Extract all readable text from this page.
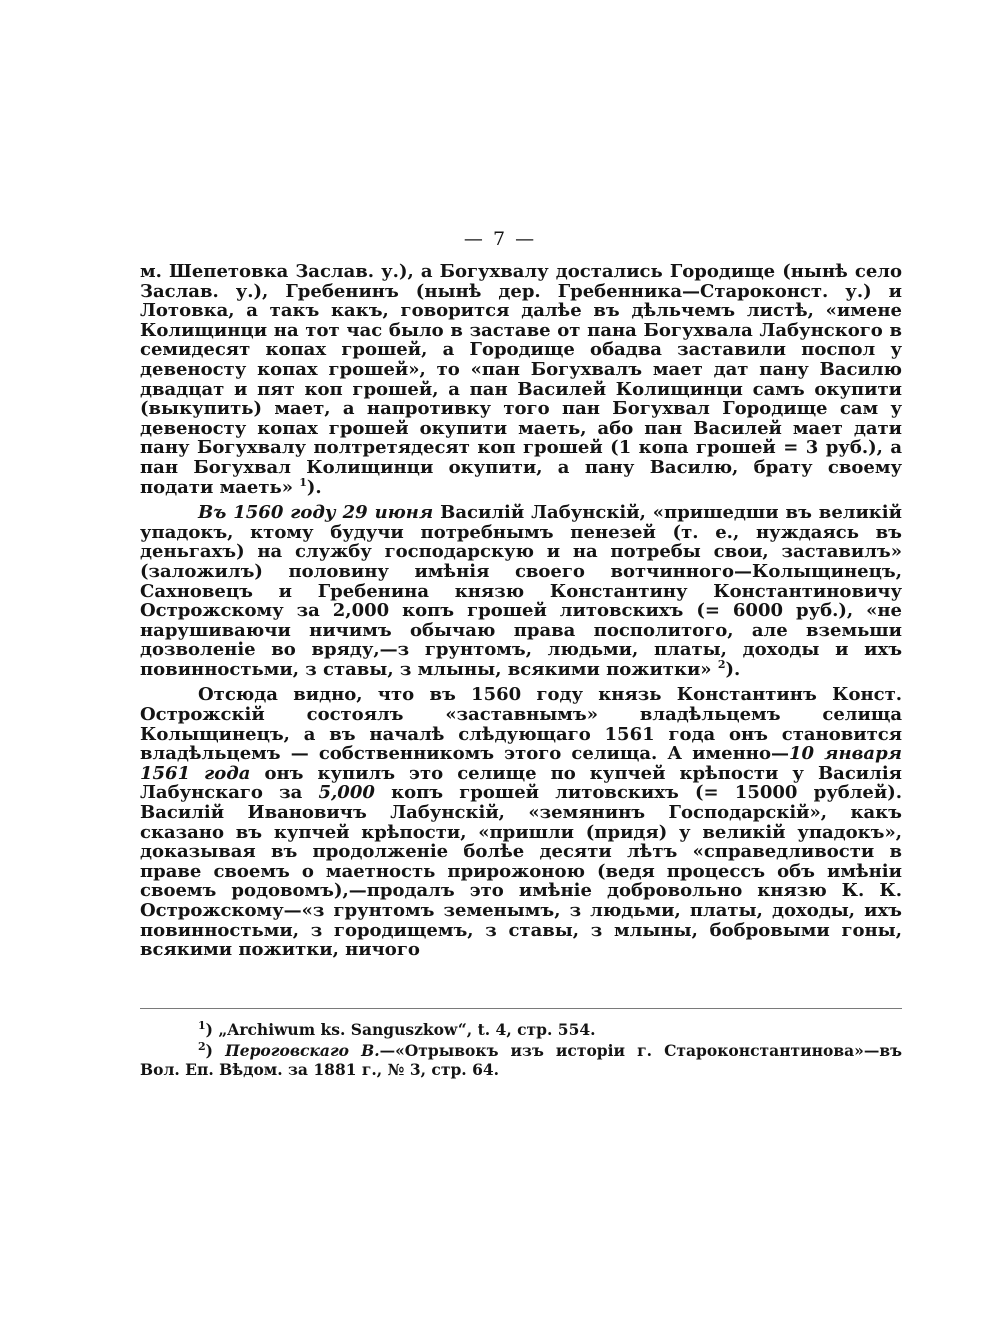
— 7 —

м. Шепетовка Заслав. у.), а Богухвалу достались Городище (нынѣ село Заслав. у.), Гребенинъ (нынѣ дер. Гребенника—Староконст. у.) и Лотовка, а такъ какъ, говорится далѣе въ дѣльчемъ листѣ, «имене Колищинци на тот час было в заставе от пана Богухвала Лабунского в семидесят копах грошей, а Городище обадва заставили поспол у девеносту копах грошей», то «пан Богухвалъ мает дат пану Василю двадцат и пят коп грошей, а пан Василей Колищинци самъ окупити (выкупить) мает, а напротивку того пан Богухвал Городище сам у девеносту копах грошей окупити маеть, або пан Василей мает дати пану Богухвалу полтретядесят коп грошей (1 копа грошей = 3 руб.), а пан Богухвал Колищинци окупити, а пану Василю, брату своему подати маеть» $^1$).

Въ 1560 году 29 июня Василій Лабунскій, «пришедши въ великій упадокъ, ктому будучи потребнымъ пенезей (т. е., нуждаясь въ деньгахъ) на службу господарскую и на потребы свои, заставилъ» (заложилъ) половину имѣнія своего вотчинного—Колыщинецъ, Сахновецъ и Гребенина князю Константину Константиновичу Острожскому за 2,000 копъ грошей литовскихъ (= 6000 руб.), «не нарушиваючи ничимъ обычаю права посполитого, але вземьши дозволеніе во вряду,—з грунтомъ, людьми, платы, доходы и ихъ повинностьми, з ставы, з млыны, всякими пожитки» $^2$).

Отсюда видно, что въ 1560 году князь Константинъ Конст. Острожскій состоялъ «заставнымъ» владѣльцемъ селища Колыщинецъ, а въ началѣ слѣдующаго 1561 года онъ становится владѣльцемъ — собственникомъ этого селища. А именно—10 января 1561 года онъ купилъ это селище по купчей крѣпости у Василія Лабунскаго за 5,000 копъ грошей литовскихъ (= 15000 рублей). Василій Ивановичъ Лабунскій, «земянинъ Господарскій», какъ сказано въ купчей крѣпости, «пришли (придя) у великій упадокъ», доказывая въ продолженіе болѣе десяти лѣтъ «справедливости в праве своемъ о маетность прирожоною (ведя процессъ объ имѣніи своемъ родовомъ),—продалъ это имѣніе добровольно князю К. К. Острожскому—«з грунтомъ земенымъ, з людьми, платы, доходы, ихъ повинностьми, з городищемъ, з ставы, з млыны, бобровыми гоны, всякими пожитки, ничого

$^1$) „Archiwum ks. Sanguszkow“, t. 4, стр. 554.

$^2$) Пероговскаго В.—«Отрывокъ изъ исторіи г. Староконстантинова»—въ Вол. Еп. Вѣдом. за 1881 г., № 3, стр. 64.
